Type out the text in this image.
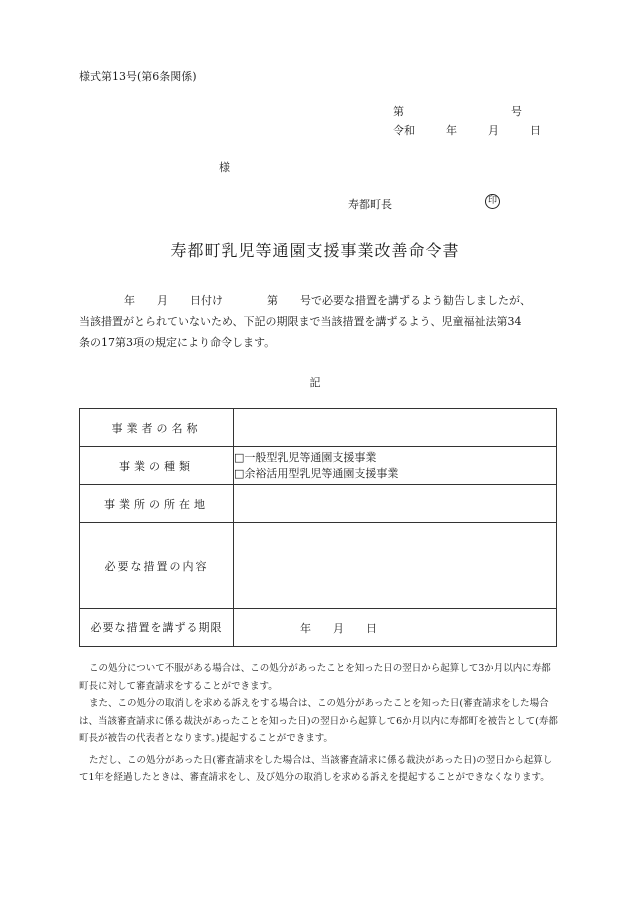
様式第13号(第6条関係)
第	号
令和	年	月	日
様
寿都町長	印
寿都町乳児等通園支援事業改善命令書
年　　月　　日付け　　　　第　　号で必要な措置を講ずるよう勧告しましたが、
当該措置がとられていないため、下記の期限まで当該措置を講ずるよう、児童福祉法第34
条の17第3項の規定により命令します。
記
事業者の名称	
事業の種類	□一般型乳児等通園支援事業
□余裕活用型乳児等通園支援事業

事業所の所在地	
必要な措置の内容	
必要な措置を講ずる期限	年　　月　　日

この処分について不服がある場合は、この処分があったことを知った日の翌日から起算して3か月以内に寿都町長に対して審査請求をすることができます。

また、この処分の取消しを求める訴えをする場合は、この処分があったことを知った日(審査請求をした場合は、当該審査請求に係る裁決があったことを知った日)の翌日から起算して6か月以内に寿都町を被告として(寿都町長が被告の代表者となります。)提起することができます。

ただし、この処分があった日(審査請求をした場合は、当該審査請求に係る裁決があった日)の翌日から起算して1年を経過したときは、審査請求をし、及び処分の取消しを求める訴えを提起することができなくなります。
